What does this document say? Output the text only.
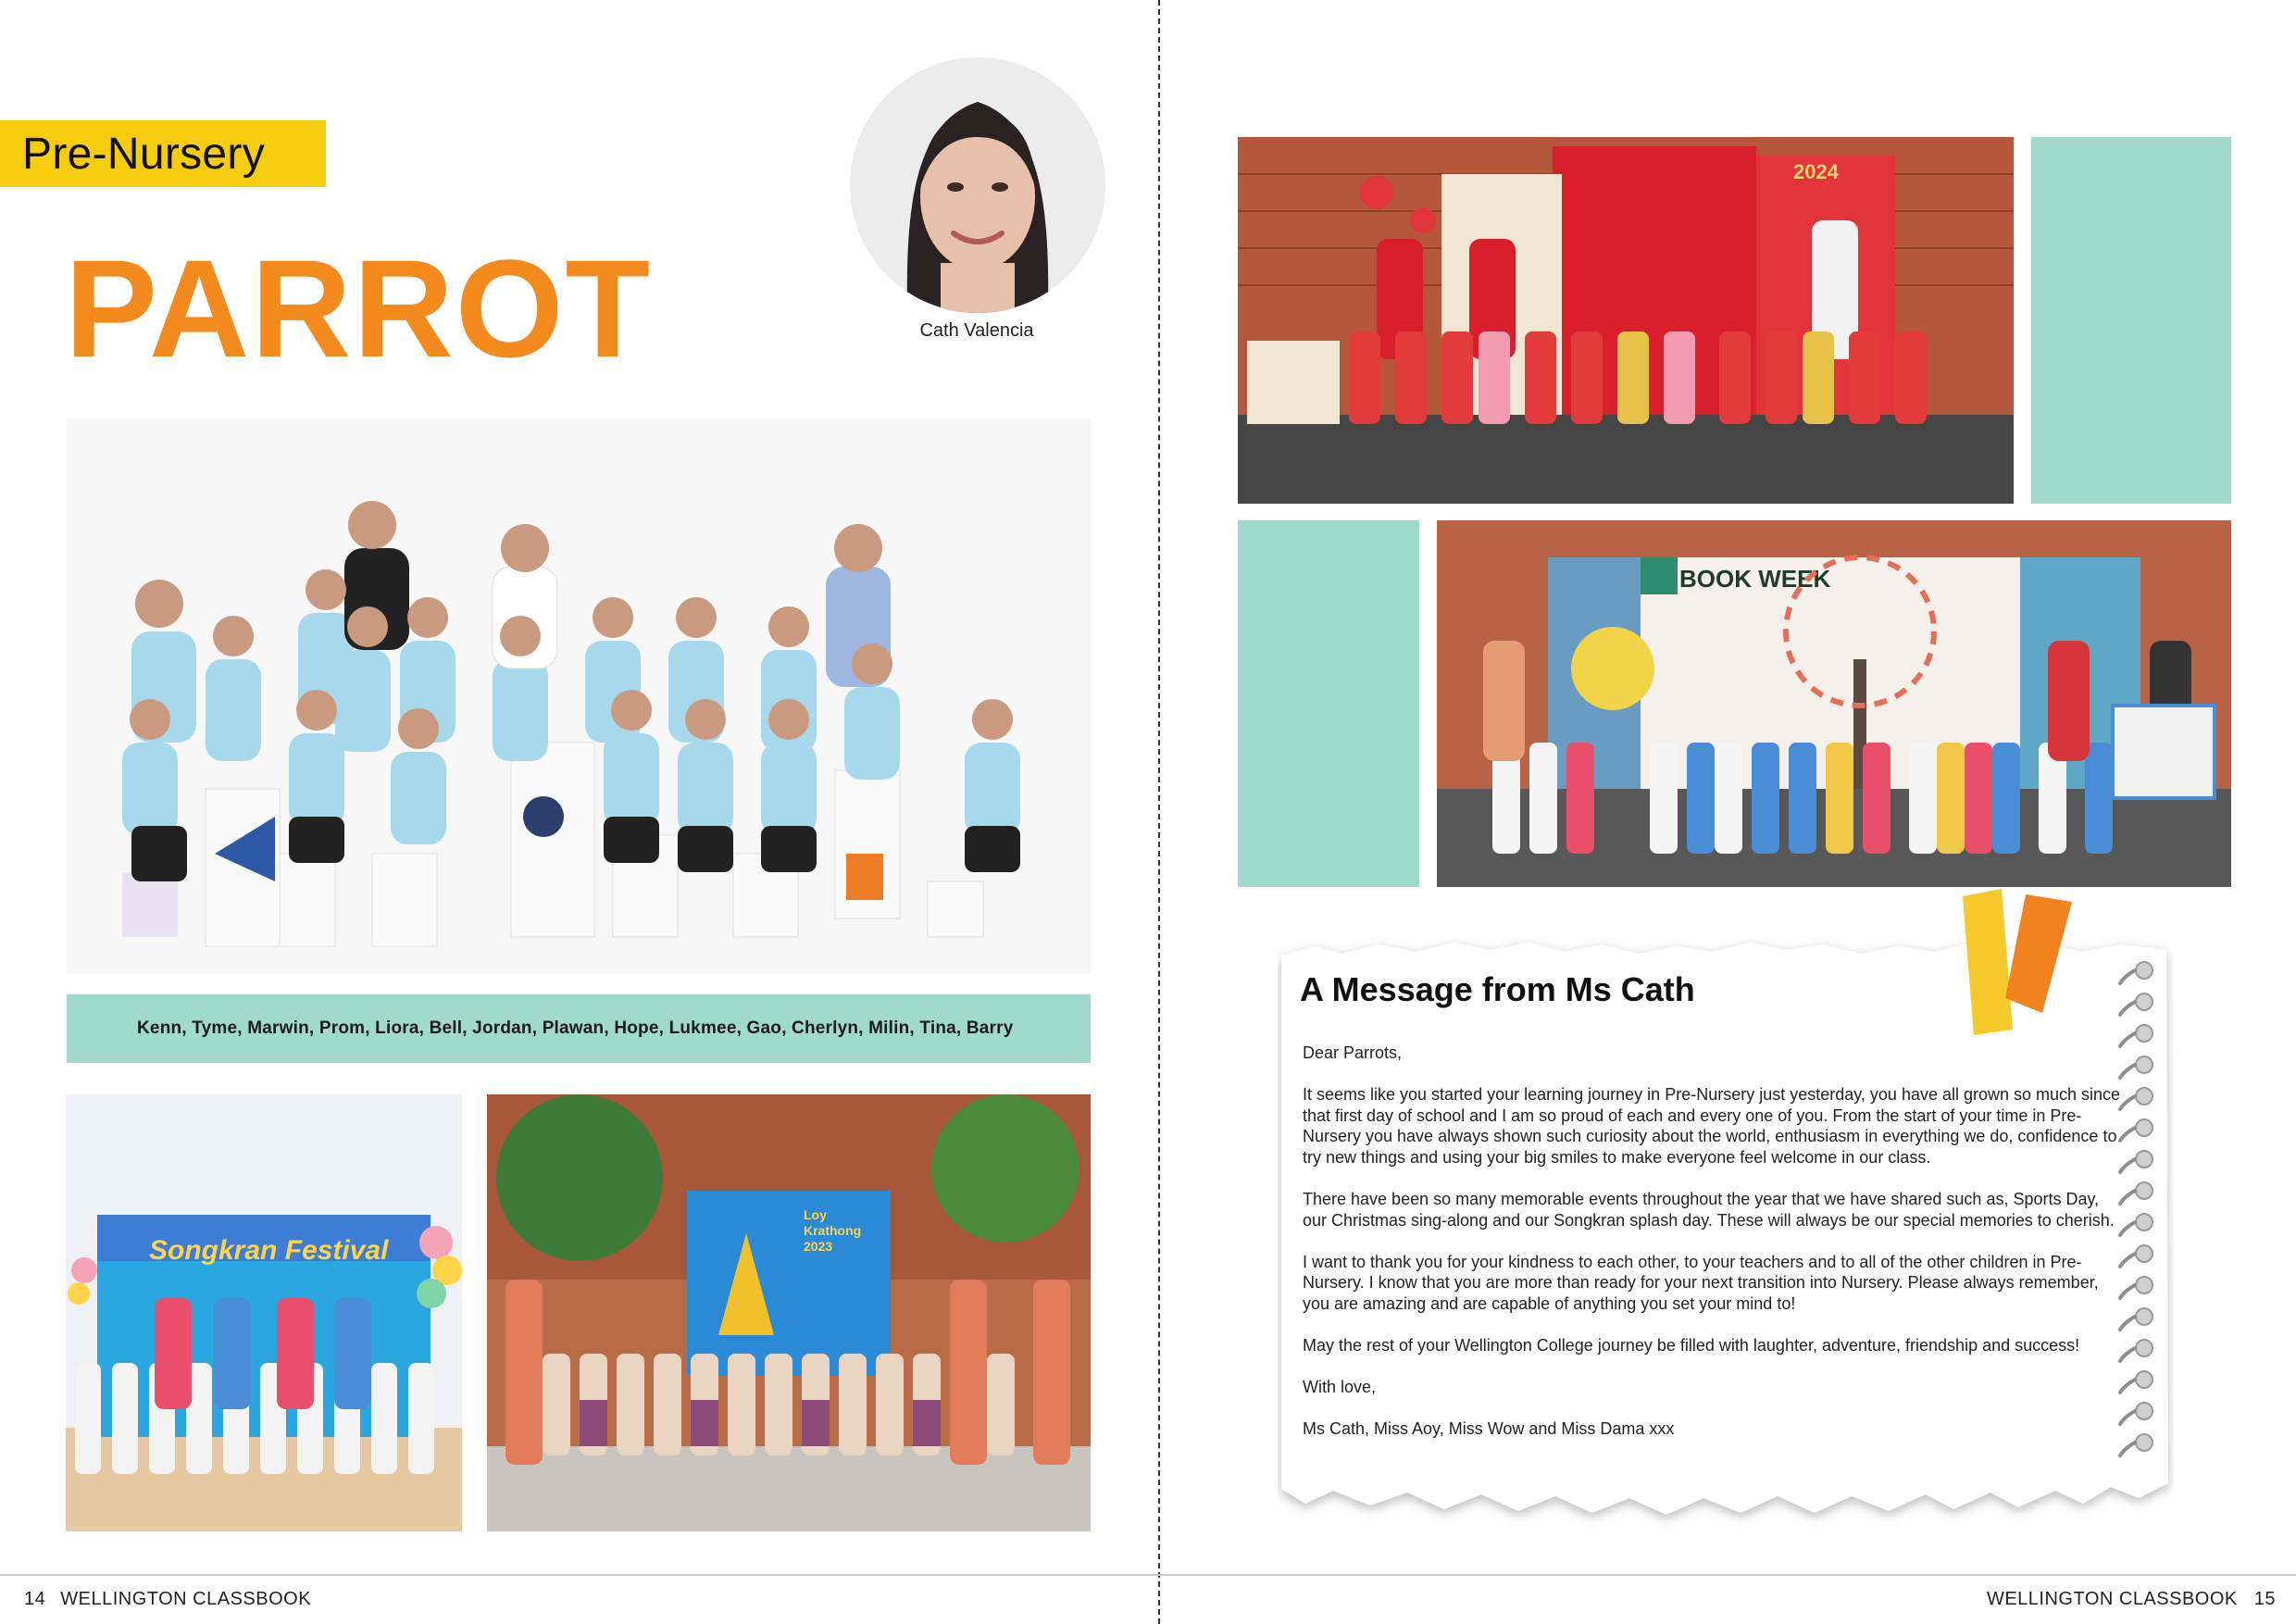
14 WELLINGTON CLASSBOOK	WELLINGTON CLASSBOOK 15
Pre-Nursery
PARROT	Cath Valencia
Kenn, Tyme, Marwin, Prom, Liora, Bell, Jordan, Plawan, Hope, Lukmee, Gao, Cherlyn, Milin, Tina, Barry
Songkran Festival
Loy
Krathong
2023
2024
BOOK WEEK
A Message from Ms Cath

Dear Parrots,

It seems like you started your learning journey in Pre-Nursery just yesterday, you have all grown so much since that first day of school and I am so proud of each and every one of you. From the start of your time in Pre-Nursery you have always shown such curiosity about the world, enthusiasm in everything we do, confidence to try new things and using your big smiles to make everyone feel welcome in our class.

There have been so many memorable events throughout the year that we have shared such as, Sports Day, our Christmas sing-along and our Songkran splash day. These will always be our special memories to cherish.

I want to thank you for your kindness to each other, to your teachers and to all of the other children in Pre- Nursery. I know that you are more than ready for your next transition into Nursery. Please always remember, you are amazing and are capable of anything you set your mind to!

May the rest of your Wellington College journey be filled with laughter, adventure, friendship and success!

With love,

Ms Cath, Miss Aoy, Miss Wow and Miss Dama xxx
